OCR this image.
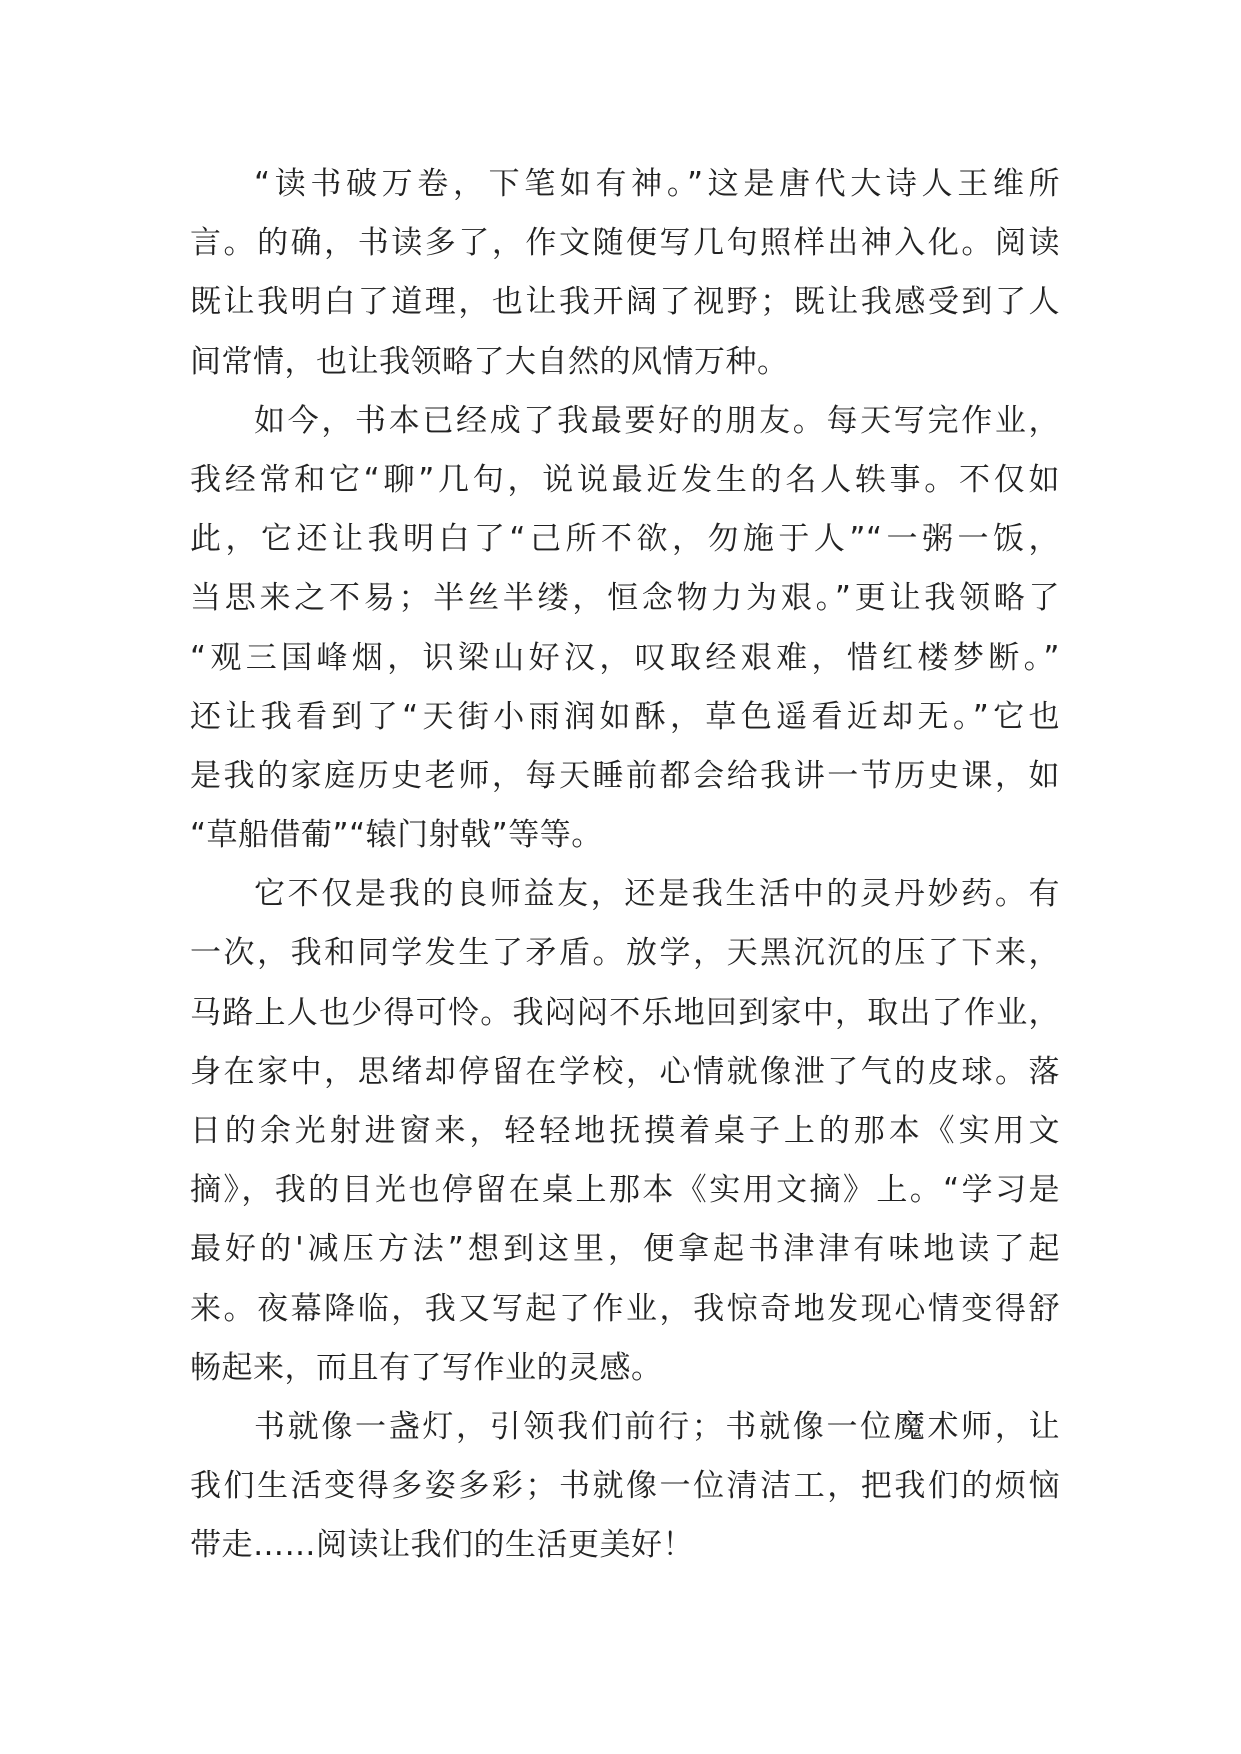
“读书破万卷，下笔如有神。”这是唐代大诗人王维所
言。的确，书读多了，作文随便写几句照样出神入化。阅读
既让我明白了道理，也让我开阔了视野；既让我感受到了人
间常情，也让我领略了大自然的风情万种。
如今，书本已经成了我最要好的朋友。每天写完作业，
我经常和它“聊”几句，说说最近发生的名人轶事。不仅如
此，它还让我明白了“己所不欲，勿施于人”“一粥一饭，
当思来之不易；半丝半缕，恒念物力为艰。”更让我领略了
“观三国峰烟，识梁山好汉，叹取经艰难，惜红楼梦断。”
还让我看到了“天街小雨润如酥，草色遥看近却无。”它也
是我的家庭历史老师，每天睡前都会给我讲一节历史课，如
“草船借葡”“辕门射戟”等等。
它不仅是我的良师益友，还是我生活中的灵丹妙药。有
一次，我和同学发生了矛盾。放学，天黑沉沉的压了下来，
马路上人也少得可怜。我闷闷不乐地回到家中，取出了作业，
身在家中，思绪却停留在学校，心情就像泄了气的皮球。落
日的余光射进窗来，轻轻地抚摸着桌子上的那本《实用文
摘》，我的目光也停留在桌上那本《实用文摘》上。“学习是
最好的'减压方法”想到这里，便拿起书津津有味地读了起
来。夜幕降临，我又写起了作业，我惊奇地发现心情变得舒
畅起来，而且有了写作业的灵感。
书就像一盏灯，引领我们前行；书就像一位魔术师，让
我们生活变得多姿多彩；书就像一位清洁工，把我们的烦恼
带走……阅读让我们的生活更美好！
